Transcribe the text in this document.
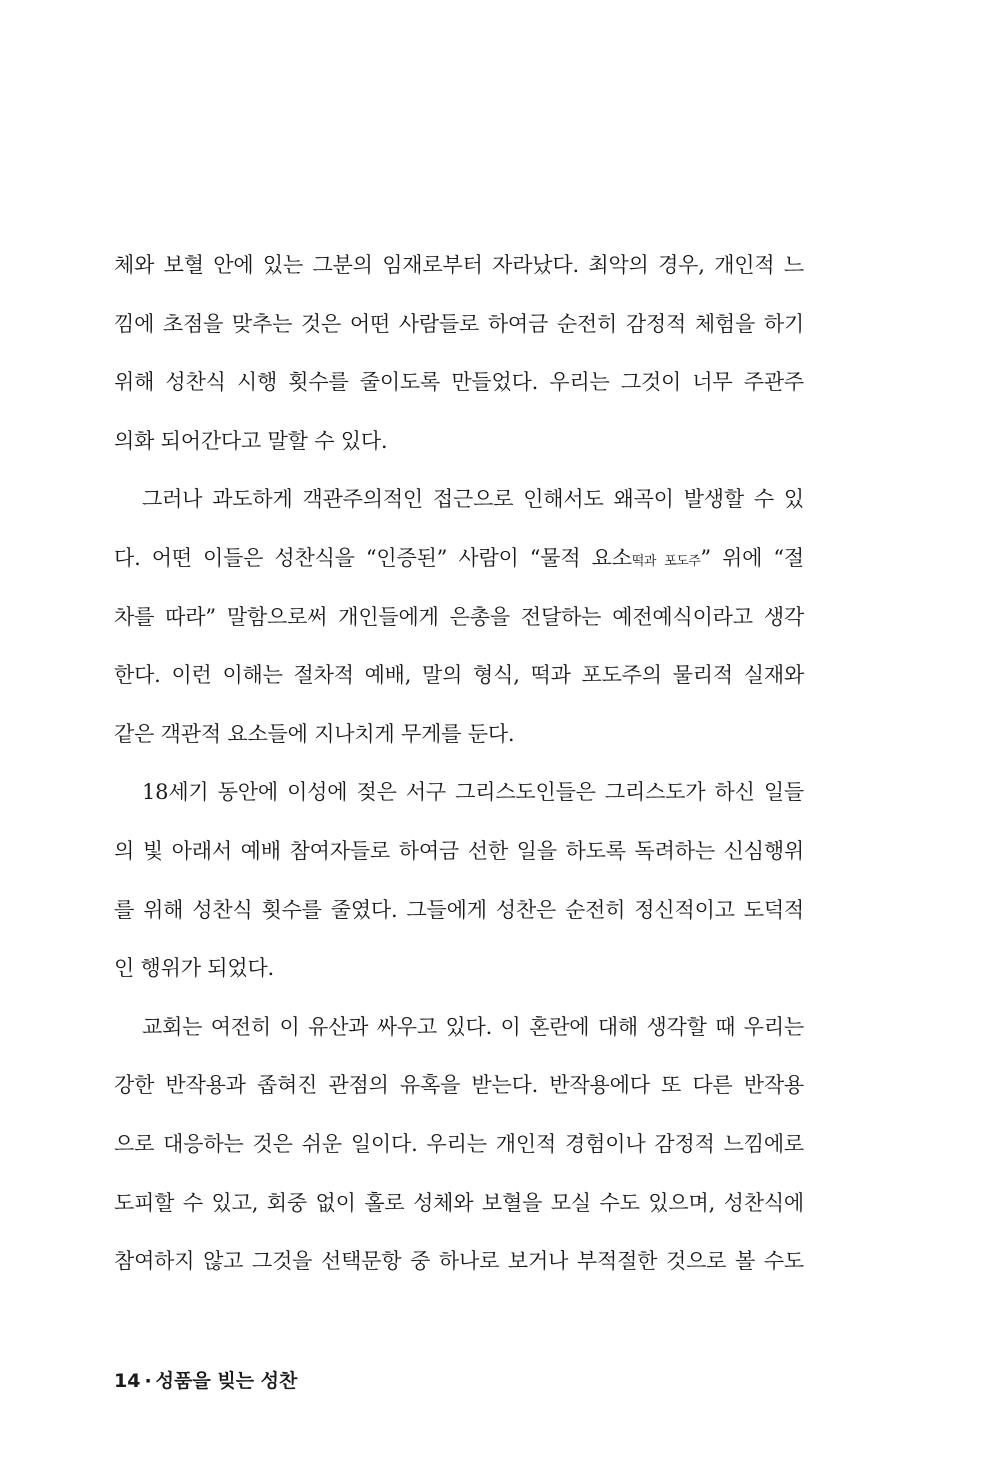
체와 보혈 안에 있는 그분의 임재로부터 자라났다. 최악의 경우, 개인적 느
낌에 초점을 맞추는 것은 어떤 사람들로 하여금 순전히 감정적 체험을 하기
위해 성찬식 시행 횟수를 줄이도록 만들었다. 우리는 그것이 너무 주관주
의화 되어간다고 말할 수 있다.
그러나 과도하게 객관주의적인 접근으로 인해서도 왜곡이 발생할 수 있
다. 어떤 이들은 성찬식을 “인증된” 사람이 “물적 요소떡과 포도주” 위에 “절
차를 따라” 말함으로써 개인들에게 은총을 전달하는 예전예식이라고 생각
한다. 이런 이해는 절차적 예배, 말의 형식, 떡과 포도주의 물리적 실재와
같은 객관적 요소들에 지나치게 무게를 둔다.
18세기 동안에 이성에 젖은 서구 그리스도인들은 그리스도가 하신 일들
의 빛 아래서 예배 참여자들로 하여금 선한 일을 하도록 독려하는 신심행위
를 위해 성찬식 횟수를 줄였다. 그들에게 성찬은 순전히 정신적이고 도덕적
인 행위가 되었다.
교회는 여전히 이 유산과 싸우고 있다. 이 혼란에 대해 생각할 때 우리는
강한 반작용과 좁혀진 관점의 유혹을 받는다. 반작용에다 또 다른 반작용
으로 대응하는 것은 쉬운 일이다. 우리는 개인적 경험이나 감정적 느낌에로
도피할 수 있고, 회중 없이 홀로 성체와 보혈을 모실 수도 있으며, 성찬식에
참여하지 않고 그것을 선택문항 중 하나로 보거나 부적절한 것으로 볼 수도
14 · 성품을 빚는 성찬
